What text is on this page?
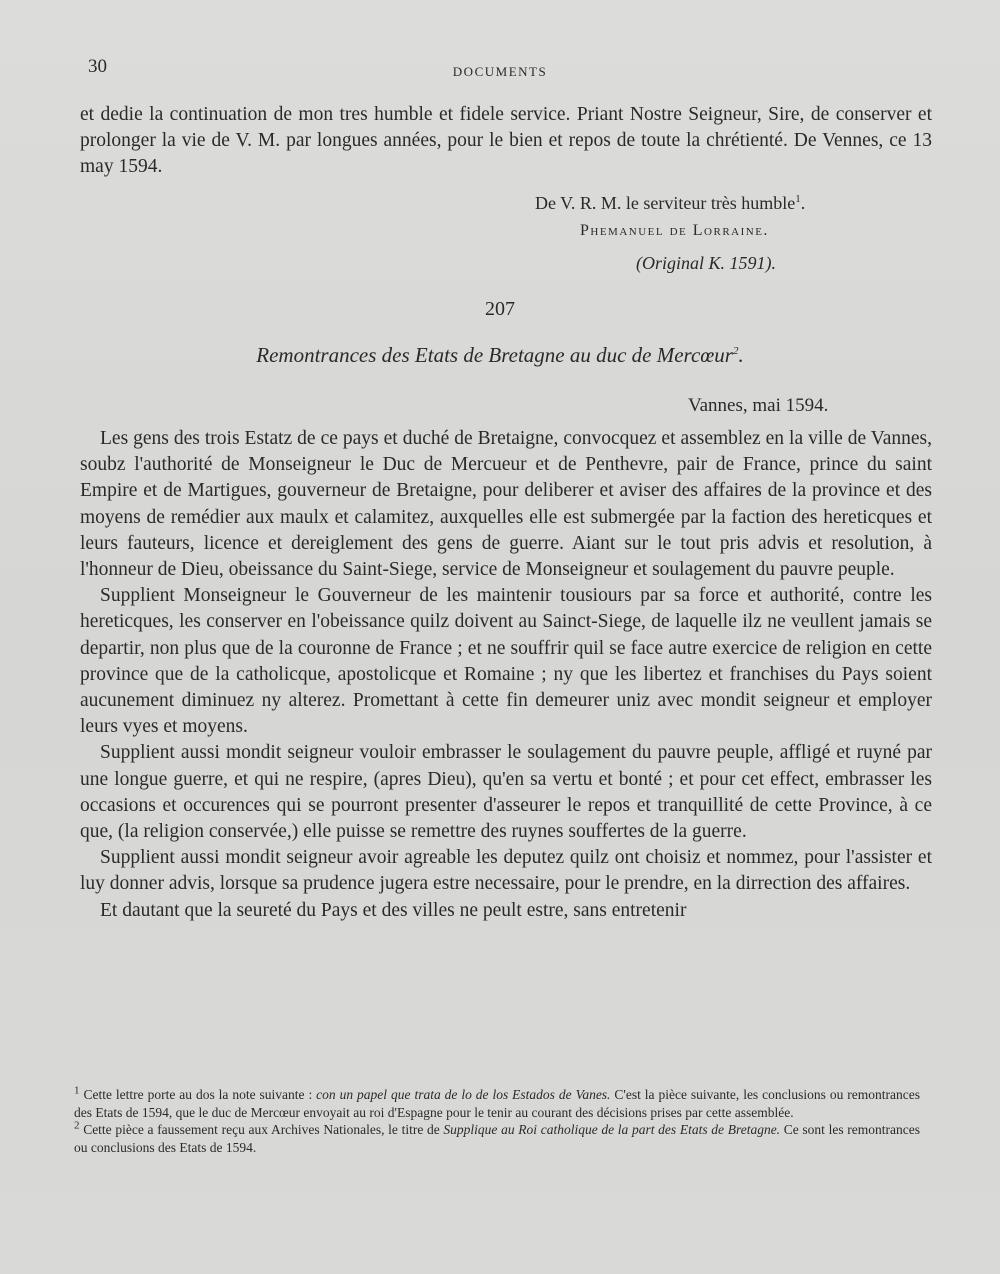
30	DOCUMENTS

et dedie la continuation de mon tres humble et fidele service. Priant Nostre Seigneur, Sire, de conserver et prolonger la vie de V. M. par longues années, pour le bien et repos de toute la chrétienté. De Vennes, ce 13 may 1594.

De V. R. M. le serviteur très humble$^1$.
Phemanuel de Lorraine.
(Original K. 1591).
207
Remontrances des Etats de Bretagne au duc de Mercœur$^2$.
Vannes, mai 1594.

Les gens des trois Estatz de ce pays et duché de Bretaigne, convocquez et assemblez en la ville de Vannes, soubz l'authorité de Monseigneur le Duc de Mercueur et de Penthevre, pair de France, prince du saint Empire et de Martigues, gouverneur de Bretaigne, pour deliberer et aviser des affaires de la province et des moyens de remédier aux maulx et calamitez, auxquelles elle est submergée par la faction des hereticques et leurs fauteurs, licence et dereiglement des gens de guerre. Aiant sur le tout pris advis et resolution, à l'honneur de Dieu, obeissance du Saint-Siege, service de Monseigneur et soulagement du pauvre peuple.

Supplient Monseigneur le Gouverneur de les maintenir tousiours par sa force et authorité, contre les hereticques, les conserver en l'obeissance quilz doivent au Sainct-Siege, de laquelle ilz ne veullent jamais se departir, non plus que de la couronne de France ; et ne souffrir quil se face autre exercice de religion en cette province que de la catholicque, apostolicque et Romaine ; ny que les libertez et franchises du Pays soient aucunement diminuez ny alterez. Promettant à cette fin demeurer uniz avec mondit seigneur et employer leurs vyes et moyens.

Supplient aussi mondit seigneur vouloir embrasser le soulagement du pauvre peuple, affligé et ruyné par une longue guerre, et qui ne respire, (apres Dieu), qu'en sa vertu et bonté ; et pour cet effect, embrasser les occasions et occurences qui se pourront presenter d'asseurer le repos et tranquillité de cette Province, à ce que, (la religion conservée,) elle puisse se remettre des ruynes souffertes de la guerre.

Supplient aussi mondit seigneur avoir agreable les deputez quilz ont choisiz et nommez, pour l'assister et luy donner advis, lorsque sa prudence jugera estre necessaire, pour le prendre, en la dirrection des affaires.

Et dautant que la seureté du Pays et des villes ne peult estre, sans entretenir

$^1$ Cette lettre porte au dos la note suivante : con un papel que trata de lo de los Estados de Vanes. C'est la pièce suivante, les conclusions ou remontrances des Etats de 1594, que le duc de Mercœur envoyait au roi d'Espagne pour le tenir au courant des décisions prises par cette assemblée.

$^2$ Cette pièce a faussement reçu aux Archives Nationales, le titre de Supplique au Roi catholique de la part des Etats de Bretagne. Ce sont les remontrances ou conclusions des Etats de 1594.
